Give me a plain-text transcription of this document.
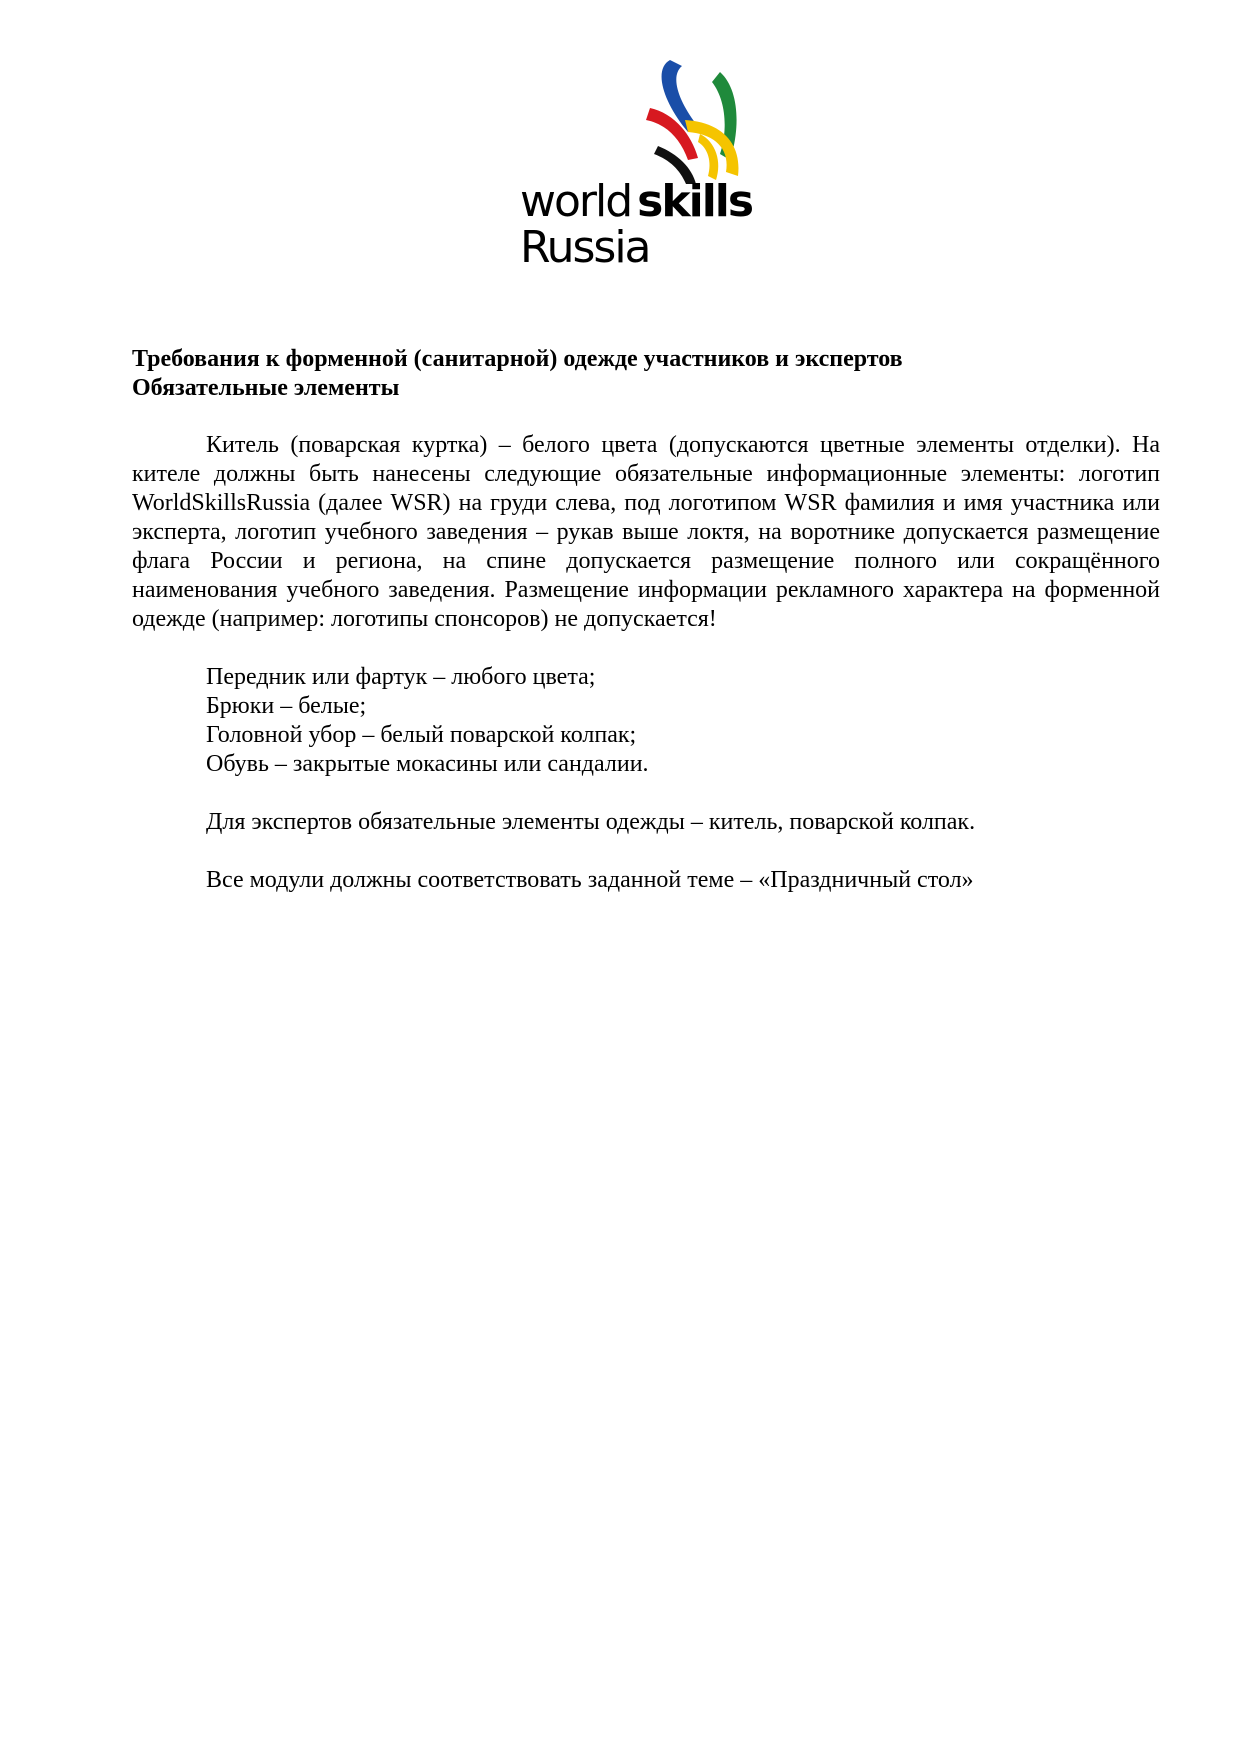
world skills
Russia

Требования к форменной (санитарной) одежде участников и экспертов
Обязательные элементы

Китель (поварская куртка) – белого цвета (допускаются цветные элементы отделки). На кителе должны быть нанесены следующие обязательные информационные элементы: логотип WorldSkillsRussia (далее WSR) на груди слева, под логотипом WSR фамилия и имя участника или эксперта, логотип учебного заведения – рукав выше локтя, на воротнике допускается размещение флага России и региона, на спине допускается размещение полного или сокращённого наименования учебного заведения. Размещение информации рекламного характера на форменной одежде (например: логотипы спонсоров) не допускается!

Передник или фартук – любого цвета;
Брюки – белые;
Головной убор – белый поварской колпак;
Обувь – закрытые мокасины или сандалии.

Для экспертов обязательные элементы одежды – китель, поварской колпак.

Все модули должны соответствовать заданной теме – «Праздничный стол»
